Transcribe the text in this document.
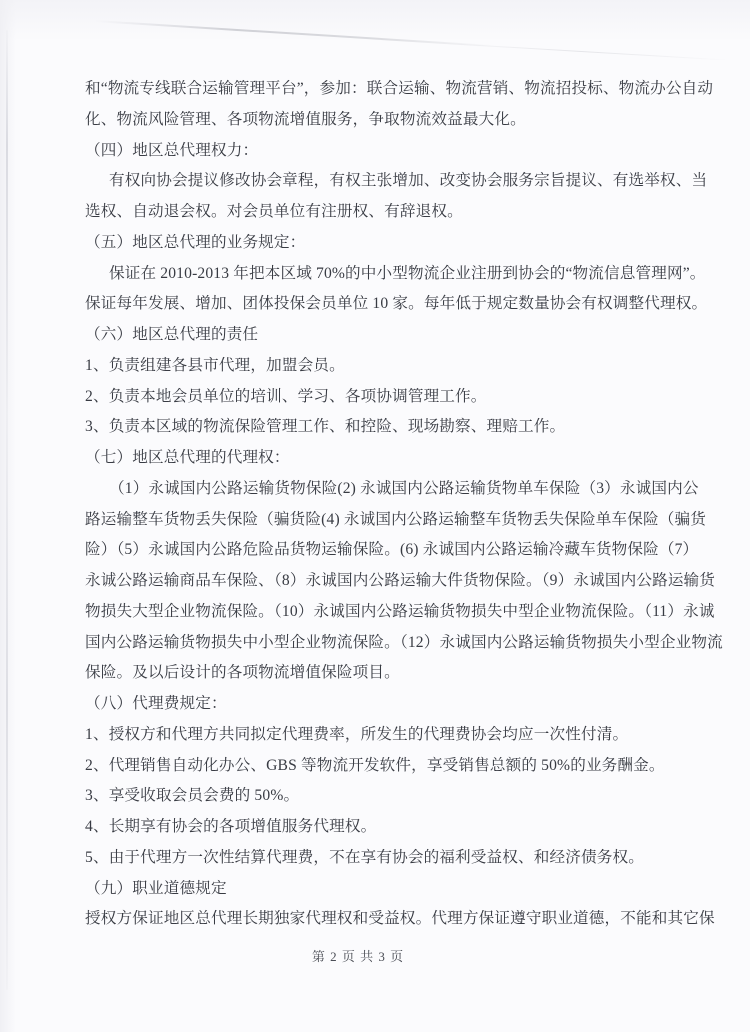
和“物流专线联合运输管理平台”，参加：联合运输、物流营销、物流招投标、物流办公自动
化、物流风险管理、各项物流增值服务，争取物流效益最大化。
（四）地区总代理权力：
有权向协会提议修改协会章程，有权主张增加、改变协会服务宗旨提议、有选举权、当
选权、自动退会权。对会员单位有注册权、有辞退权。
（五）地区总代理的业务规定：
保证在 2010-2013 年把本区域 70%的中小型物流企业注册到协会的“物流信息管理网”。
保证每年发展、增加、团体投保会员单位 10 家。每年低于规定数量协会有权调整代理权。
（六）地区总代理的责任
1、负责组建各县市代理，加盟会员。
2、负责本地会员单位的培训、学习、各项协调管理工作。
3、负责本区域的物流保险管理工作、和控险、现场勘察、理赔工作。
（七）地区总代理的代理权：
（1）永诚国内公路运输货物保险(2) 永诚国内公路运输货物单车保险（3）永诚国内公
路运输整车货物丢失保险（骗货险(4) 永诚国内公路运输整车货物丢失保险单车保险（骗货
险）（5）永诚国内公路危险品货物运输保险。(6) 永诚国内公路运输冷藏车货物保险（7）
永诚公路运输商品车保险、（8）永诚国内公路运输大件货物保险。（9）永诚国内公路运输货
物损失大型企业物流保险。（10）永诚国内公路运输货物损失中型企业物流保险。（11）永诚
国内公路运输货物损失中小型企业物流保险。（12）永诚国内公路运输货物损失小型企业物流
保险。及以后设计的各项物流增值保险项目。
（八）代理费规定：
1、授权方和代理方共同拟定代理费率，所发生的代理费协会均应一次性付清。
2、代理销售自动化办公、GBS 等物流开发软件，享受销售总额的 50%的业务酬金。
3、享受收取会员会费的 50%。
4、长期享有协会的各项增值服务代理权。
5、由于代理方一次性结算代理费，不在享有协会的福利受益权、和经济债务权。
（九）职业道德规定
授权方保证地区总代理长期独家代理权和受益权。代理方保证遵守职业道德，不能和其它保
第 2 页 共 3 页
